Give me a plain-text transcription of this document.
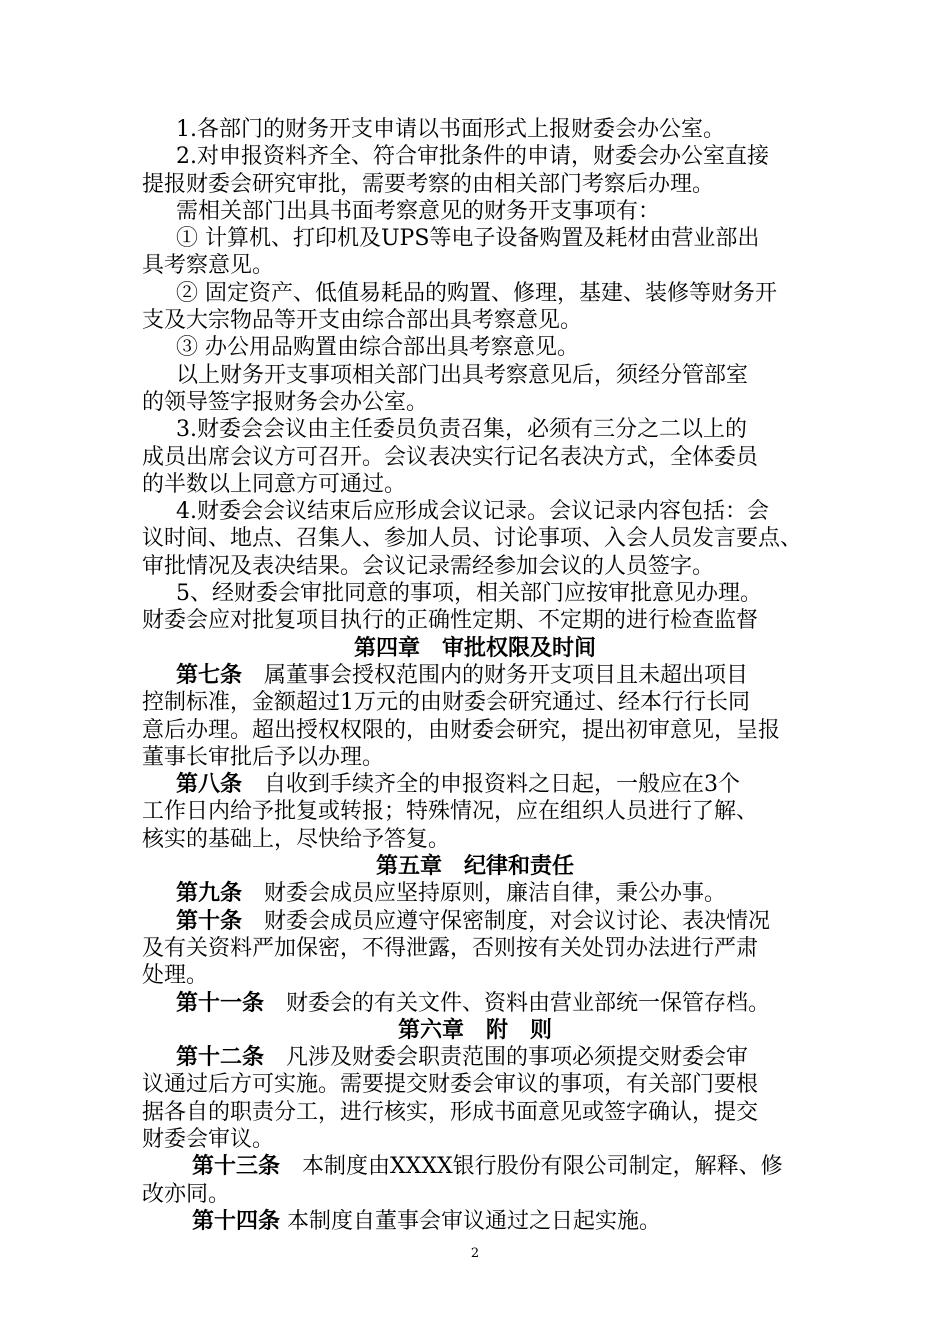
1.各部门的财务开支申请以书面形式上报财委会办公室。
2.对申报资料齐全、符合审批条件的申请，财委会办公室直接
提报财委会研究审批，需要考察的由相关部门考察后办理。
需相关部门出具书面考察意见的财务开支事项有：
① 计算机、打印机及UPS等电子设备购置及耗材由营业部出
具考察意见。
② 固定资产、低值易耗品的购置、修理，基建、装修等财务开
支及大宗物品等开支由综合部出具考察意见。
③ 办公用品购置由综合部出具考察意见。
以上财务开支事项相关部门出具考察意见后，须经分管部室
的领导签字报财务会办公室。
3.财委会会议由主任委员负责召集，必须有三分之二以上的
成员出席会议方可召开。会议表决实行记名表决方式，全体委员
的半数以上同意方可通过。
4.财委会会议结束后应形成会议记录。会议记录内容包括：会
议时间、地点、召集人、参加人员、讨论事项、入会人员发言要点、
审批情况及表决结果。会议记录需经参加会议的人员签字。
5、经财委会审批同意的事项，相关部门应按审批意见办理。
财委会应对批复项目执行的正确性定期、不定期的进行检查监督
第四章　审批权限及时间
第七条　属董事会授权范围内的财务开支项目且未超出项目
控制标准，金额超过1万元的由财委会研究通过、经本行行长同
意后办理。超出授权权限的，由财委会研究，提出初审意见，呈报
董事长审批后予以办理。
第八条　自收到手续齐全的申报资料之日起，一般应在3个
工作日内给予批复或转报；特殊情况，应在组织人员进行了解、
核实的基础上，尽快给予答复。
第五章　纪律和责任
第九条　财委会成员应坚持原则，廉洁自律，秉公办事。
第十条　财委会成员应遵守保密制度，对会议讨论、表决情况
及有关资料严加保密，不得泄露，否则按有关处罚办法进行严肃
处理。
第十一条　财委会的有关文件、资料由营业部统一保管存档。
第六章　附　则
第十二条　凡涉及财委会职责范围的事项必须提交财委会审
议通过后方可实施。需要提交财委会审议的事项，有关部门要根
据各自的职责分工，进行核实，形成书面意见或签字确认，提交
财委会审议。
第十三条　本制度由XXXX银行股份有限公司制定，解释、修
改亦同。
第十四条 本制度自董事会审议通过之日起实施。
2
